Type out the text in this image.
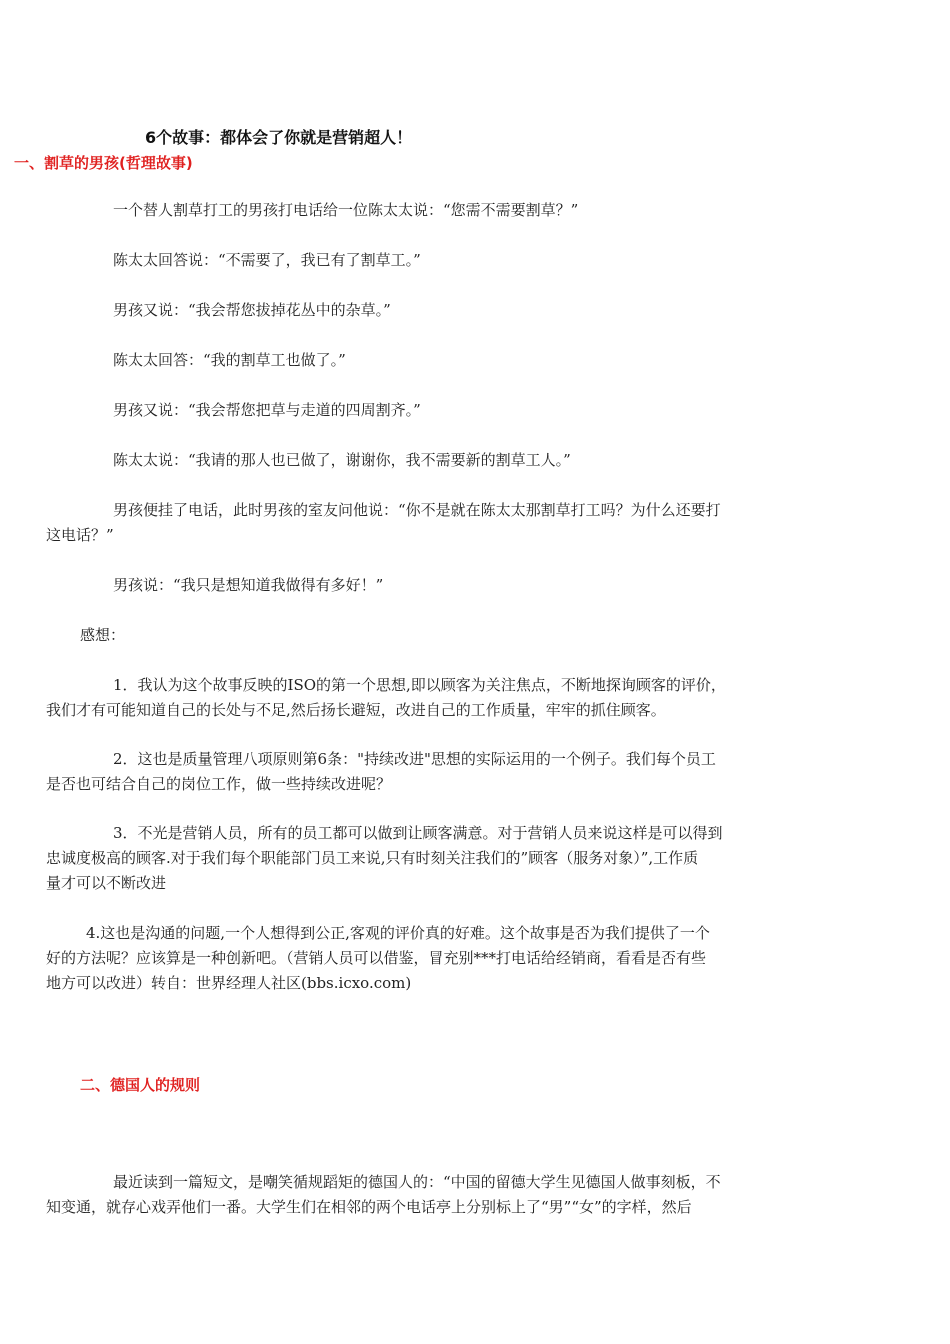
6个故事：都体会了你就是营销超人！
一、割草的男孩(哲理故事)
一个替人割草打工的男孩打电话给一位陈太太说：“您需不需要割草？”
陈太太回答说：“不需要了，我已有了割草工。”
男孩又说：“我会帮您拔掉花丛中的杂草。”
陈太太回答：“我的割草工也做了。”
男孩又说：“我会帮您把草与走道的四周割齐。”
陈太太说：“我请的那人也已做了，谢谢你，我不需要新的割草工人。”
男孩便挂了电话，此时男孩的室友问他说：“你不是就在陈太太那割草打工吗？为什么还要打
这电话？”
男孩说：“我只是想知道我做得有多好！”
感想：
1．我认为这个故事反映的ISO的第一个思想,即以顾客为关注焦点，不断地探询顾客的评价，
我们才有可能知道自己的长处与不足,然后扬长避短，改进自己的工作质量，牢牢的抓住顾客。
2．这也是质量管理八项原则第6条："持续改进"思想的实际运用的一个例子。我们每个员工
是否也可结合自己的岗位工作，做一些持续改进呢？
3．不光是营销人员，所有的员工都可以做到让顾客满意。对于营销人员来说这样是可以得到
忠诚度极高的顾客.对于我们每个职能部门员工来说,只有时刻关注我们的”顾客（服务对象）”,工作质
量才可以不断改进
4.这也是沟通的问题,一个人想得到公正,客观的评价真的好难。这个故事是否为我们提供了一个
好的方法呢？应该算是一种创新吧。（营销人员可以借鉴，冒充别***打电话给经销商，看看是否有些
地方可以改进）转自：世界经理人社区(bbs.icxo.com)
二、德国人的规则
最近读到一篇短文，是嘲笑循规蹈矩的德国人的：“中国的留德大学生见德国人做事刻板，不
知变通，就存心戏弄他们一番。大学生们在相邻的两个电话亭上分别标上了“男”“女”的字样，然后
